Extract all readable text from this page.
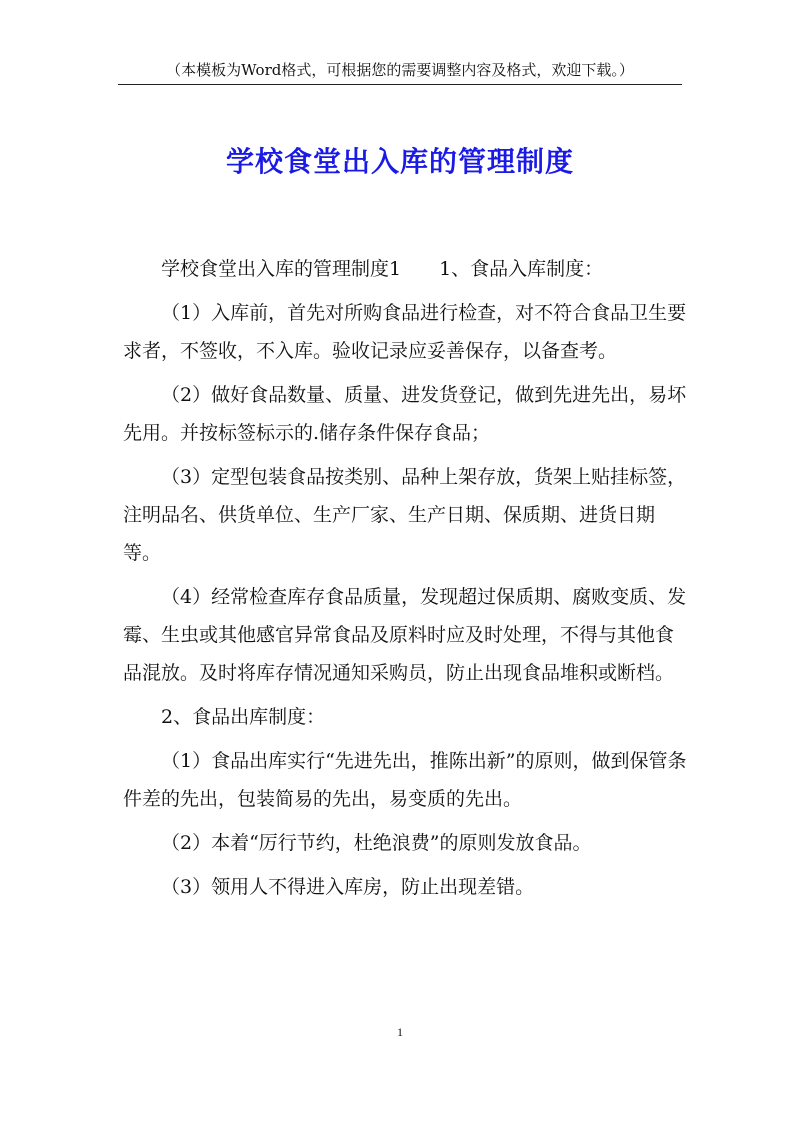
（本模板为Word格式，可根据您的需要调整内容及格式，欢迎下载。）
学校食堂出入库的管理制度

学校食堂出入库的管理制度1　　1、食品入库制度：

（1）入库前，首先对所购食品进行检查，对不符合食品卫生要求者，不签收，不入库。验收记录应妥善保存，以备查考。

（2）做好食品数量、质量、进发货登记，做到先进先出，易坏先用。并按标签标示的.储存条件保存食品；

（3）定型包装食品按类别、品种上架存放，货架上贴挂标签，注明品名、供货单位、生产厂家、生产日期、保质期、进货日期等。

（4）经常检查库存食品质量，发现超过保质期、腐败变质、发霉、生虫或其他感官异常食品及原料时应及时处理，不得与其他食品混放。及时将库存情况通知采购员，防止出现食品堆积或断档。

2、食品出库制度：

（1）食品出库实行“先进先出，推陈出新”的原则，做到保管条件差的先出，包装简易的先出，易变质的先出。

（2）本着“厉行节约，杜绝浪费”的原则发放食品。

（3）领用人不得进入库房，防止出现差错。

1
